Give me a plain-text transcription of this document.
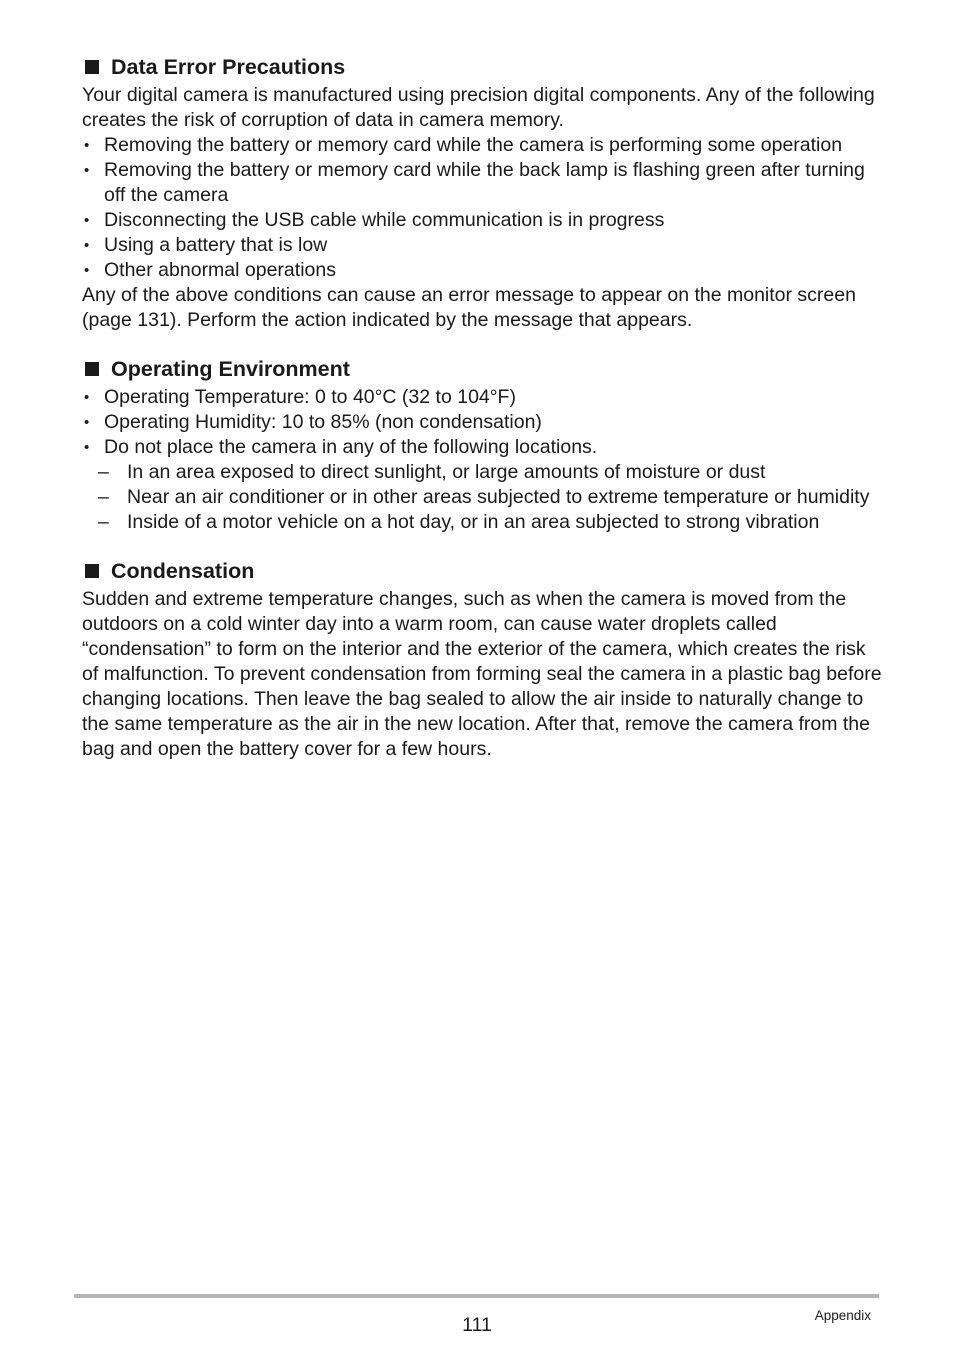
Data Error Precautions

Your digital camera is manufactured using precision digital components. Any of the following creates the risk of corruption of data in camera memory.

• Removing the battery or memory card while the camera is performing some operation
• Removing the battery or memory card while the back lamp is flashing green after turning off the camera
• Disconnecting the USB cable while communication is in progress
• Using a battery that is low
• Other abnormal operations

Any of the above conditions can cause an error message to appear on the monitor screen (page 131). Perform the action indicated by the message that appears.

Operating Environment
• Operating Temperature: 0 to 40°C (32 to 104°F)
• Operating Humidity: 10 to 85% (non condensation)
• Do not place the camera in any of the following locations.
– In an area exposed to direct sunlight, or large amounts of moisture or dust
– Near an air conditioner or in other areas subjected to extreme temperature or humidity
– Inside of a motor vehicle on a hot day, or in an area subjected to strong vibration
Condensation

Sudden and extreme temperature changes, such as when the camera is moved from the outdoors on a cold winter day into a warm room, can cause water droplets called “condensation” to form on the interior and the exterior of the camera, which creates the risk of malfunction. To prevent condensation from forming seal the camera in a plastic bag before changing locations. Then leave the bag sealed to allow the air inside to naturally change to the same temperature as the air in the new location. After that, remove the camera from the bag and open the battery cover for a few hours.

111	Appendix
